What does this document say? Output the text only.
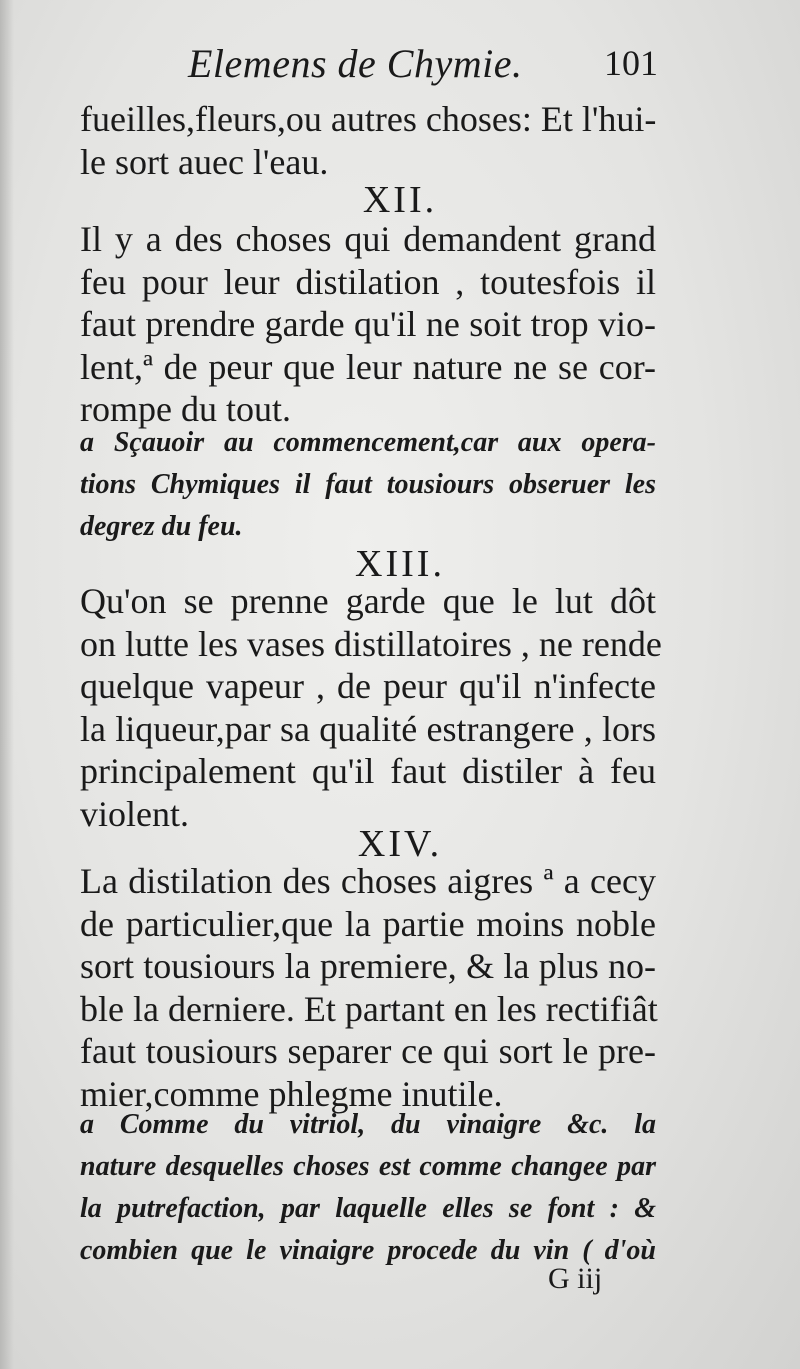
Elemens de Chymie. 101
fueilles,fleurs,ou autres choses: Et l'hui-
le sort auec l'eau.
XII.
Il y a des choses qui demandent grand
feu pour leur distilation , toutesfois il
faut prendre garde qu'il ne soit trop vio-
lent,ª de peur que leur nature ne se cor-
rompe du tout.
a Sçauoir au commencement,car aux opera-
tions Chymiques il faut tousiours obseruer les
degrez du feu.
XIII.
Qu'on se prenne garde que le lut dôt
on lutte les vases distillatoires , ne rende
quelque vapeur , de peur qu'il n'infecte
la liqueur,par sa qualité estrangere , lors
principalement qu'il faut distiler à feu
violent.
XIV.
La distilation des choses aigres ª a cecy
de particulier,que la partie moins noble
sort tousiours la premiere, & la plus no-
ble la derniere. Et partant en les rectifiât
faut tousiours separer ce qui sort le pre-
mier,comme phlegme inutile.
a Comme du vitriol, du vinaigre &c. la
nature desquelles choses est comme changee par
la putrefaction, par laquelle elles se font : &
combien que le vinaigre procede du vin ( d'où
G iij
